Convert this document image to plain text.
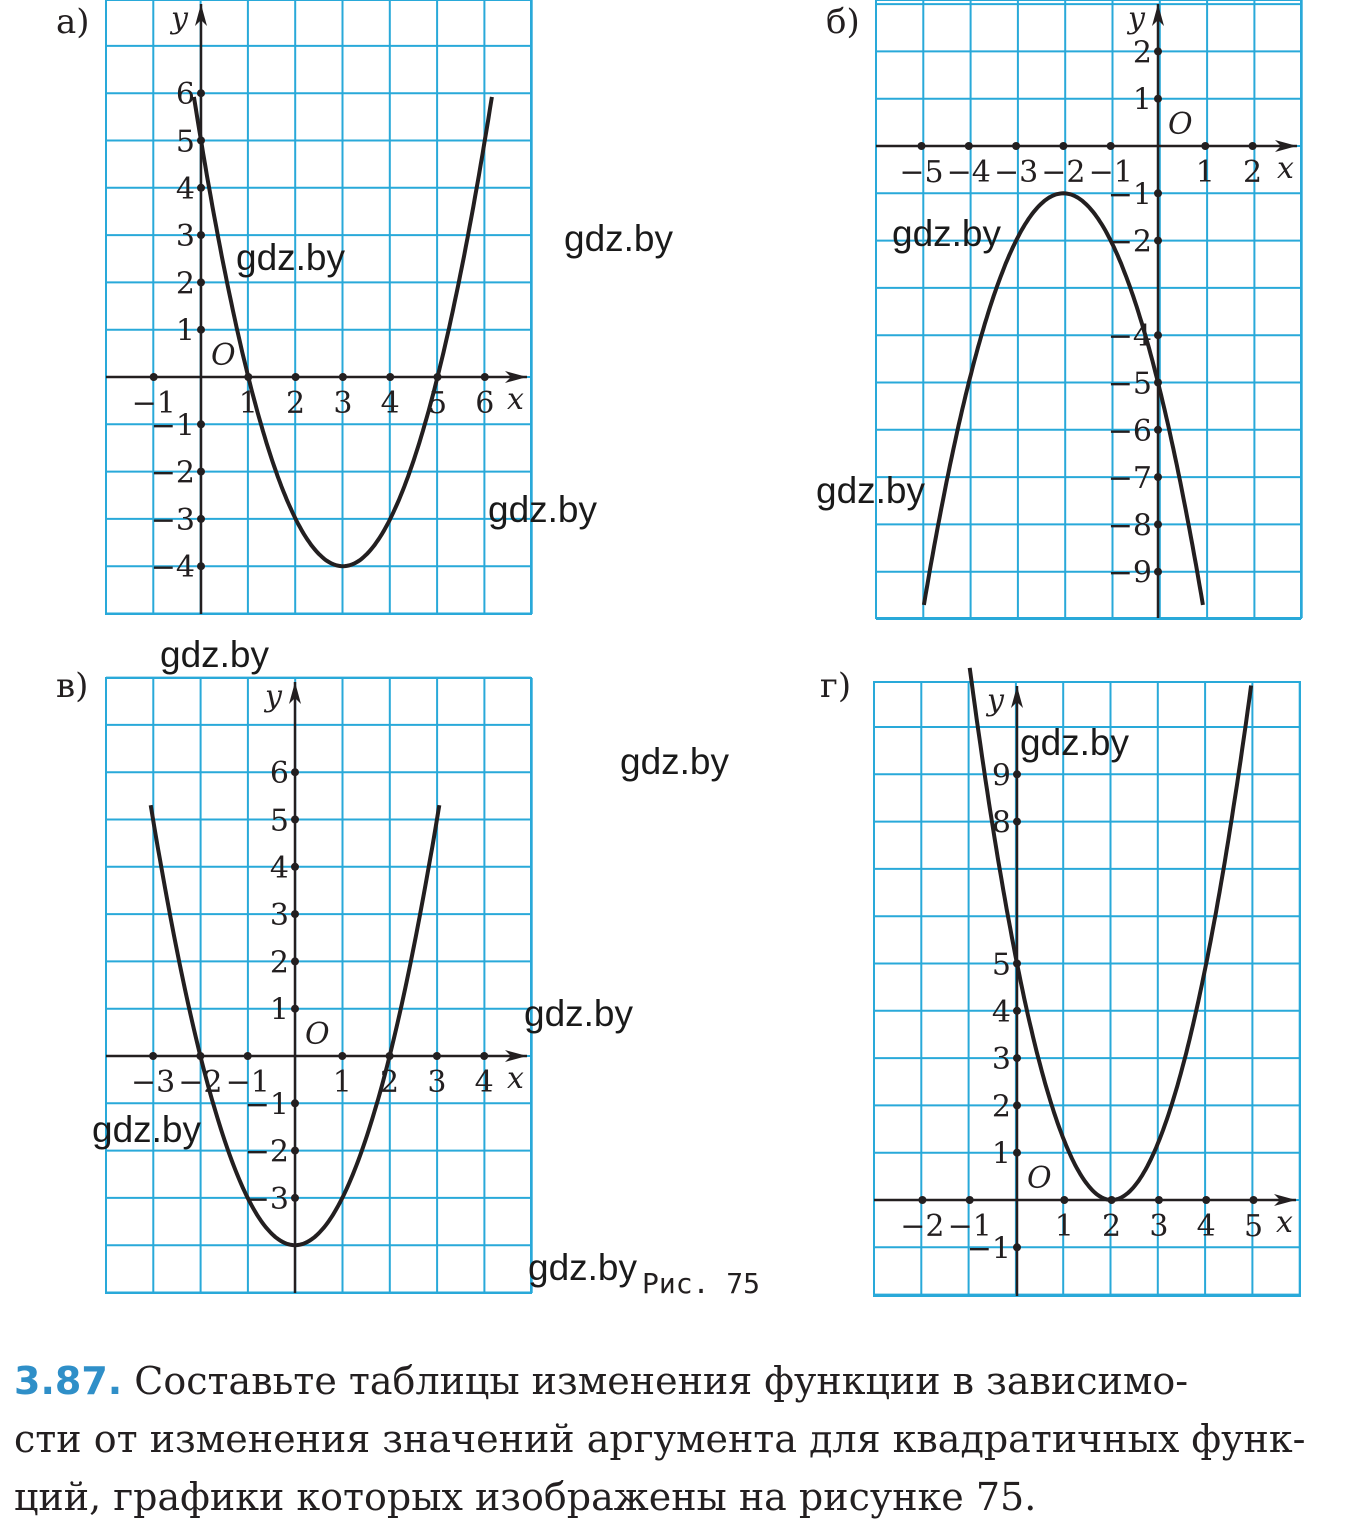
а)
x
y
O
−1 1 2 3 4 5 6
6
5
4
3
2
1
−1
−2
−3
−4
б)
x
y
O
−5 −4 −3 −2 −1 1 2
2
1
−1
−2
−4
−5
−6
−7
−8
−9
в)
x
y
O
−3 −2 −1 1 2 3 4
6
5
4
3
2
1
−1
−2
−3
г)
x
y
O
−2 −1 1 2 3 4 5
9
8
5
4
3
2
1
−1
gdz.by	gdz.by
gdz.by
gdz.by
gdz.by
gdz.by
gdz.by
gdz.by
gdz.by
gdz.by
gdz.by
Рис. 75
3.87. Составьте таблицы изменения функции в зависимо-
сти от изменения значений аргумента для квадратичных функ-
ций, графики которых изображены на рисунке 75.
